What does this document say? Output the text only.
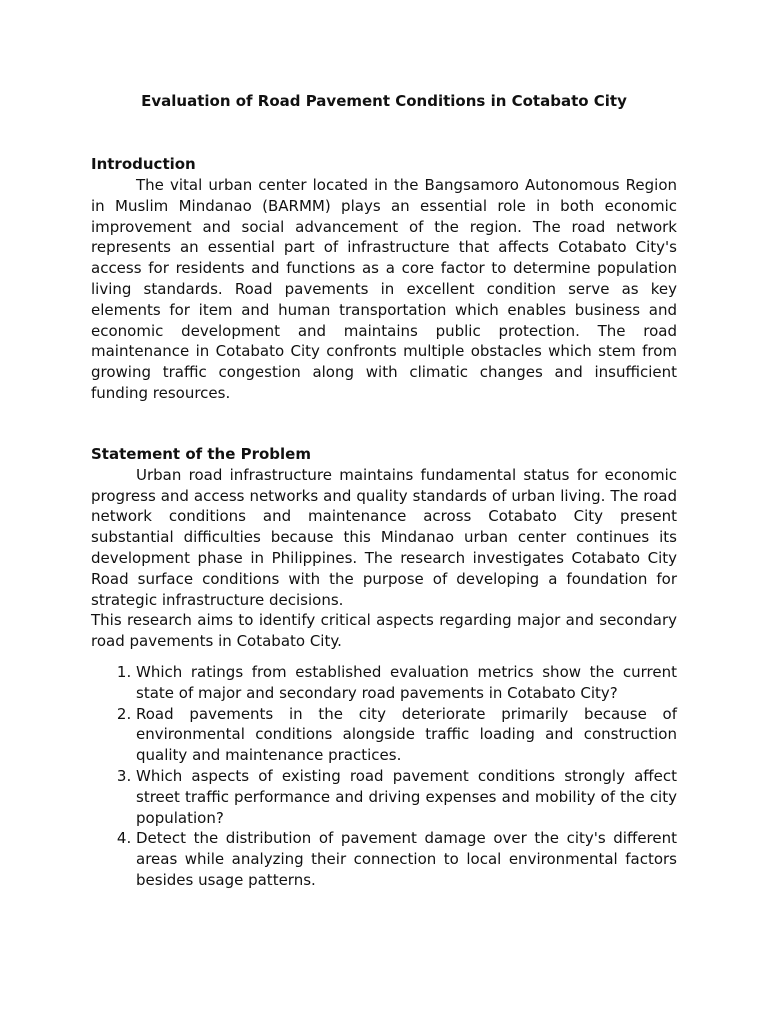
Evaluation of Road Pavement Conditions in Cotabato City
Introduction

The vital urban center located in the Bangsamoro Autonomous Region in Muslim Mindanao (BARMM) plays an essential role in both economic improvement and social advancement of the region. The road network represents an essential part of infrastructure that affects Cotabato City's access for residents and functions as a core factor to determine population living standards. Road pavements in excellent condition serve as key elements for item and human transportation which enables business and economic development and maintains public protection. The road maintenance in Cotabato City confronts multiple obstacles which stem from growing traffic congestion along with climatic changes and insufficient funding resources.

Statement of the Problem

Urban road infrastructure maintains fundamental status for economic progress and access networks and quality standards of urban living. The road network conditions and maintenance across Cotabato City present substantial difficulties because this Mindanao urban center continues its development phase in Philippines. The research investigates Cotabato City Road surface conditions with the purpose of developing a foundation for strategic infrastructure decisions.

This research aims to identify critical aspects regarding major and secondary road pavements in Cotabato City.

1. Which ratings from established evaluation metrics show the current state of major and secondary road pavements in Cotabato City?
2. Road pavements in the city deteriorate primarily because of environmental conditions alongside traffic loading and construction quality and maintenance practices.
3. Which aspects of existing road pavement conditions strongly affect street traffic performance and driving expenses and mobility of the city population?
4. Detect the distribution of pavement damage over the city's different areas while analyzing their connection to local environmental factors besides usage patterns.
